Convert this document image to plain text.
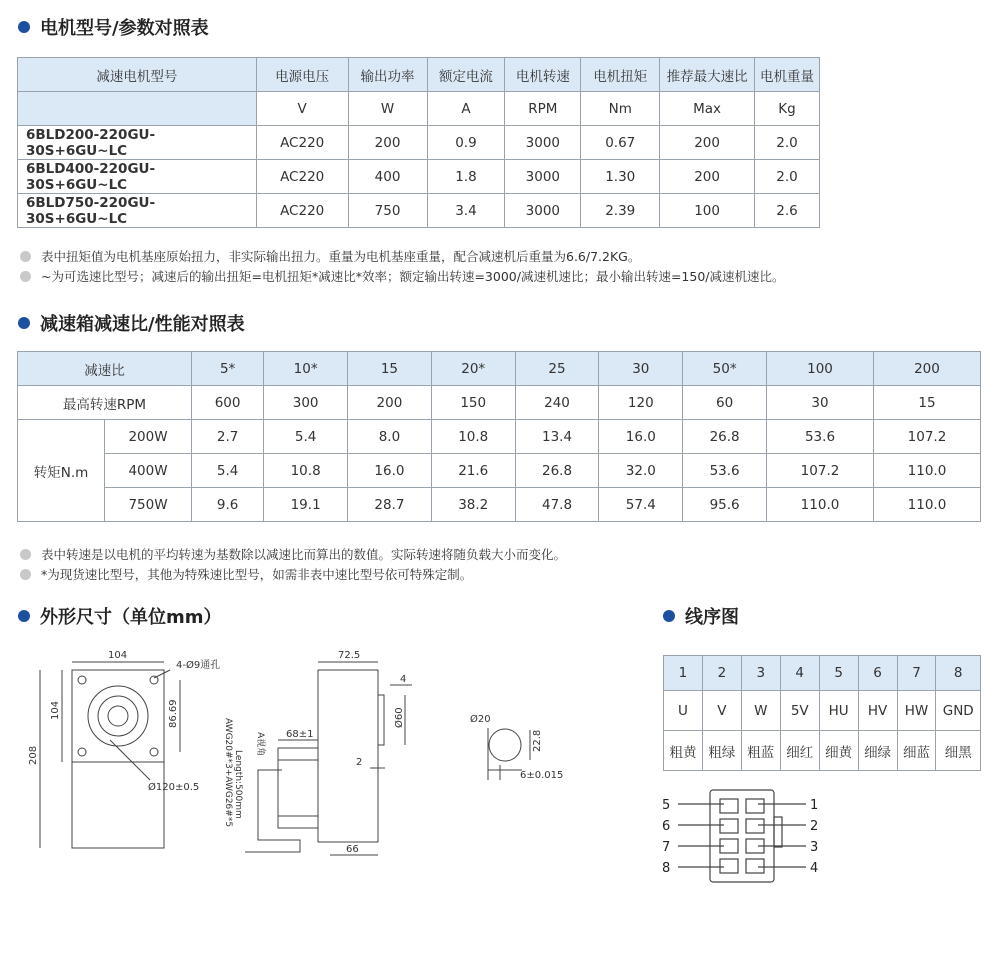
电机型号/参数对照表
减速电机型号	电源电压	输出功率	额定电流	电机转速	电机扭矩	推荐最大速比	电机重量
	V	W	A	RPM	Nm	Max	Kg
6BLD200-220GU-30S+6GU~LC	AC220	200	0.9	3000	0.67	200	2.0
6BLD400-220GU-30S+6GU~LC	AC220	400	1.8	3000	1.30	200	2.0
6BLD750-220GU-30S+6GU~LC	AC220	750	3.4	3000	2.39	100	2.6
表中扭矩值为电机基座原始扭力，非实际输出扭力。重量为电机基座重量，配合减速机后重量为6.6/7.2KG。
~为可选速比型号；减速后的输出扭矩=电机扭矩*减速比*效率；额定输出转速=3000/减速机速比；最小输出转速=150/减速机速比。
减速箱减速比/性能对照表
减速比		5*	10*	15	20*	25	30	50*	100	200
最高转速RPM		600	300	200	150	240	120	60	30	15
转矩N.m	200W	2.7	5.4	8.0	10.8	13.4	16.0	26.8	53.6	107.2
	400W	5.4	10.8	16.0	21.6	26.8	32.0	53.6	107.2	110.0
	750W	9.6	19.1	28.7	38.2	47.8	57.4	95.6	110.0	110.0
表中转速是以电机的平均转速为基数除以减速比而算出的数值。实际转速将随负载大小而变化。
*为现货速比型号，其他为特殊速比型号，如需非表中速比型号依可特殊定制。
外形尺寸（单位mm）	线序图
104
4-Ø9通孔
104	86.69
208
Ø120±0.5
72.5
4
Ø60
68±1
2
66
AWG20#*3+AWG26#*5 Length:500mm
A视角
Ø20
22.8
6±0.015
1	2	3	4	5	6	7	8
U	V	W	5V	HU	HV	HW	GND
粗黄	粗绿	粗蓝	细红	细黄	细绿	细蓝	细黑
5
6
7
8
1
2
3
4
